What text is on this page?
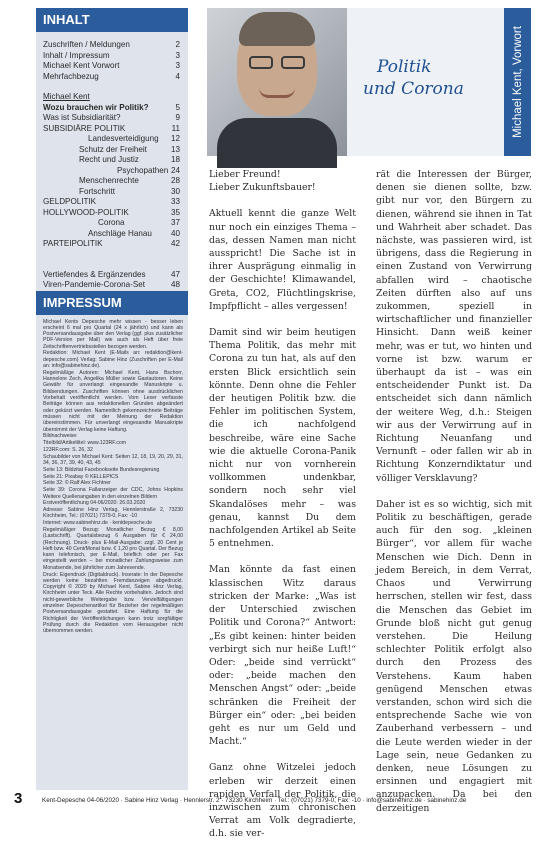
INHALT
Zuschriften / Meldungen	2
Inhalt / Impressum	3
Michael Kent Vorwort	3
Mehrfachbezug	4
Michael Kent
Wozu brauchen wir Politik?	5
Was ist Subsidiarität?	9
SUBSIDIÄRE POLITIK	11
Landesverteidigung 12
Schutz der Freiheit	13
Recht und Justiz	18
Psychopathen 24
Menschenrechte	28
Fortschritt	30
GELDPOLITIK	33
HOLLYWOOD-POLITIK	35
Corona	37
Anschläge Hanau 40
PARTEIPOLITIK	42
Vertiefendes & Ergänzendes	47
Viren-Pandemie-Corona-Set	48
IMPRESSUM

Michael Kents Depesche mehr wissen - besser leben erscheint 6 mal pro Quartal (24 x jährlich) und kann als Postversandausgabe über den Verlag (ggf. plus zusätzlicher PDF-Version per Mail) wie auch als Heft über freie Zeitschriftenvertriebsstellen bezogen werden.

Redaktion: Michael Kent (E-Mails an: redaktion@kent-depesche.com) Verlag: Sabine Hinz (Zuschriften per E-Mail an: info@sabinehinz.de).

Regelmäßige Autoren: Michael Kent, Hans Bschorr, Hannelore Zech, Angelika Müller sowie Gastautoren. Keine Gewähr für unverlangt eingesandte Manuskripte u. Bildsendungen. Zuschriften können ohne ausdrücklichen Vorbehalt veröffentlicht werden. Vom Leser verfasste Beiträge können aus redaktionellen Gründen abgeändert oder gekürzt werden. Namentlich gekennzeichnete Beiträge müssen nicht mit der Meinung der Redaktion übereinstimmen. Für unverlangt eingesandte Manuskripte übernimmt der Verlag keine Haftung.

Bildnachweise:

Titelbild/Artikeltitel: www.123RF.com

123RF.com: S. 26, 32

Schaubilder von Michael Kent: Seiten 12, 18, 19, 20, 29, 31, 34, 36, 37, 39, 40, 43, 45

Seite 13: Bildzitat Facebookseite Bundesregierung

Seite 21: Pixabay © KELLEPICS

Seite 32: © Ralf Alex Fichtner

Seite 39: Corona Fallanzeiger der CDC, Johns Hopkins Weitere Quellenangaben in den einzelnen Bildern

Erstveröffentlichung 04-06/2020: 26.03.2020

Adresse: Sabine Hinz Verlag, Hennlerstraße 2, 73230 Kirchheim, Tel.: (07021) 7379-0, Fax: -10

Internet: www.sabinehinz.de · kentdepesche.de

Regelmäßiger Bezug: Monatlicher Bezug € 8,00 (Lastschrift). Quartalsbezug 6 Ausgaben für € 24,00 (Rechnung). Druck- plus E-Mail-Ausgabe: zzgl. 20 Cent je Heft bzw. 40 Cent/Monat bzw. € 1,20 pro Quartal. Der Bezug kann telefonisch, per E-Mail, brieflich oder per Fax eingestellt werden – bei monatlicher Zahlungsweise zum Monatsende, bei jährlicher zum Jahresende.

Druck: Eigendruck (Digitaldruck). Inserate: In der Depesche werden keine bezahlten Fremdanzeigen abgedruckt. Copyright © 2020 by Michael Kent, Sabine Hinz Verlag, Kirchheim unter Teck. Alle Rechte vorbehalten. Jedoch sind nicht-gewerbliche Weitergabe bzw. Vervielfältigungen einzelner Depeschenartikel für Bezieher der regelmäßigen Postversandausgabe gestattet. Eine Haftung für die Richtigkeit der Veröffentlichungen kann trotz sorgfältiger Prüfung durch die Redaktion vom Herausgeber nicht übernommen werden.

Politik
und Corona	Michael Kent, Vorwort

Lieber Freund!

Lieber Zukunftsbauer!

Aktuell kennt die ganze Welt nur noch ein einziges Thema – das, dessen Namen man nicht ausspricht! Die Sache ist in ihrer Ausprägung einmalig in der Geschichte! Klimawandel, Greta, CO2, Flüchtlingskrise, Impfpflicht – alles vergessen!

Damit sind wir beim heutigen Thema Politik, das mehr mit Corona zu tun hat, als auf den ersten Blick ersichtlich sein könnte. Denn ohne die Fehler der heutigen Politik bzw. die Fehler im politischen System, die ich nachfolgend beschreibe, wäre eine Sache wie die aktuelle Corona-Panik nicht nur von vornherein vollkommen undenkbar, sondern noch sehr viel Skandalöses mehr – was genau, kannst Du dem nachfolgenden Artikel ab Seite 5 entnehmen.

Man könnte da fast einen klassischen Witz daraus stricken der Marke: „Was ist der Unterschied zwischen Politik und Corona?“ Antwort: „Es gibt keinen: hinter beiden verbirgt sich nur heiße Luft!“ Oder: „beide sind verrückt“ oder: „beide machen den Menschen Angst“ oder: „beide schränken die Freiheit der Bürger ein“ oder: „bei beiden geht es nur um Geld und Macht.“

Ganz ohne Witzelei jedoch erleben wir derzeit einen rapiden Verfall der Politik, die inzwischen zum chronischen Verrat am Volk degradierte, d.h. sie ver-

rät die Interessen der Bürger, denen sie dienen sollte, bzw. gibt nur vor, den Bürgern zu dienen, während sie ihnen in Tat und Wahrheit aber schadet. Das nächste, was passieren wird, ist übrigens, dass die Regierung in einen Zustand von Verwirrung abfallen wird – chaotische Zeiten dürften also auf uns zukommen, speziell in wirtschaftlicher und finanzieller Hinsicht. Dann weiß keiner mehr, was er tut, wo hinten und vorne ist bzw. warum er überhaupt da ist – was ein entscheidender Punkt ist. Da entscheidet sich dann nämlich der weitere Weg, d.h.: Steigen wir aus der Verwirrung auf in Richtung Neuanfang und Vernunft – oder fallen wir ab in Richtung Konzerndiktatur und völliger Versklavung?

Daher ist es so wichtig, sich mit Politik zu beschäftigen, gerade auch für den sog. „kleinen Bürger“, vor allem für wache Menschen wie Dich. Denn in jedem Bereich, in dem Verrat, Chaos und Verwirrung herrschen, stellen wir fest, dass die Menschen das Gebiet im Grunde bloß nicht gut genug verstehen. Die Heilung schlechter Politik erfolgt also durch den Prozess des Verstehens. Kaum haben genügend Menschen etwas verstanden, schon wird sich die entsprechende Sache wie von Zauberhand verbessern – und die Leute werden wieder in der Lage sein, neue Gedanken zu denken, neue Lösungen zu ersinnen und engagiert mit anzupacken. Da bei den derzeitigen

3	Kent-Depesche 04-06/2020 · Sabine Hinz Verlag · Hennlerstr. 2 · 73230 Kirchheim · Tel.: (07021) 7379-0, Fax: -10 · info@sabinehinz.de · sabinehinz.de
